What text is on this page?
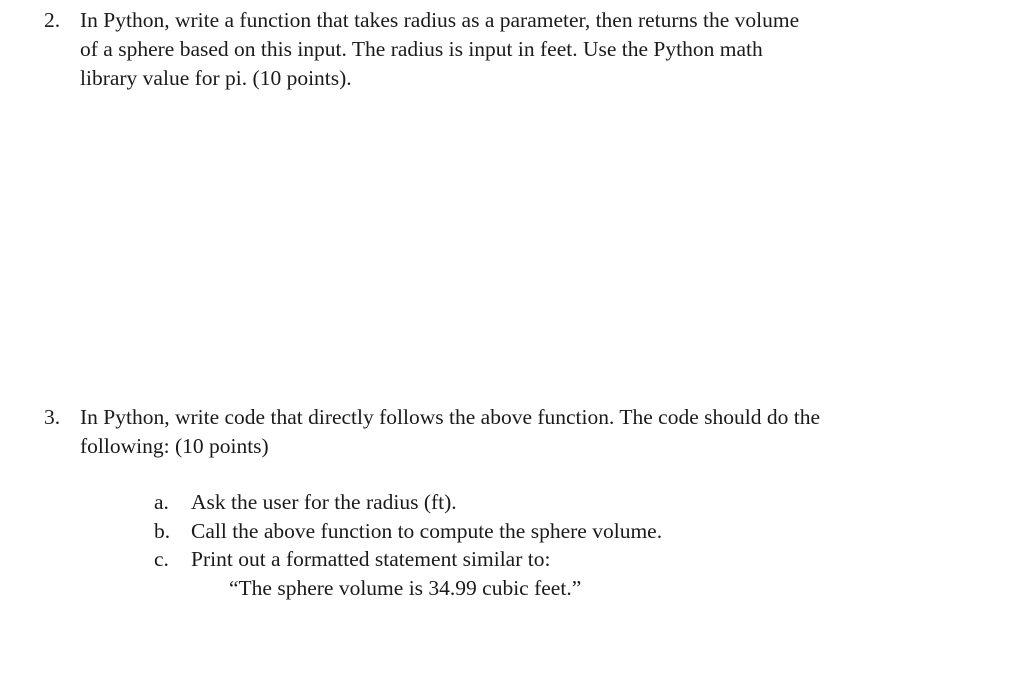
2. In Python, write a function that takes radius as a parameter, then returns the volume
of a sphere based on this input. The radius is input in feet. Use the Python math
library value for pi. (10 points).
3. In Python, write code that directly follows the above function. The code should do the
following: (10 points)
a. Ask the user for the radius (ft).
b. Call the above function to compute the sphere volume.
c. Print out a formatted statement similar to:
“The sphere volume is 34.99 cubic feet.”
